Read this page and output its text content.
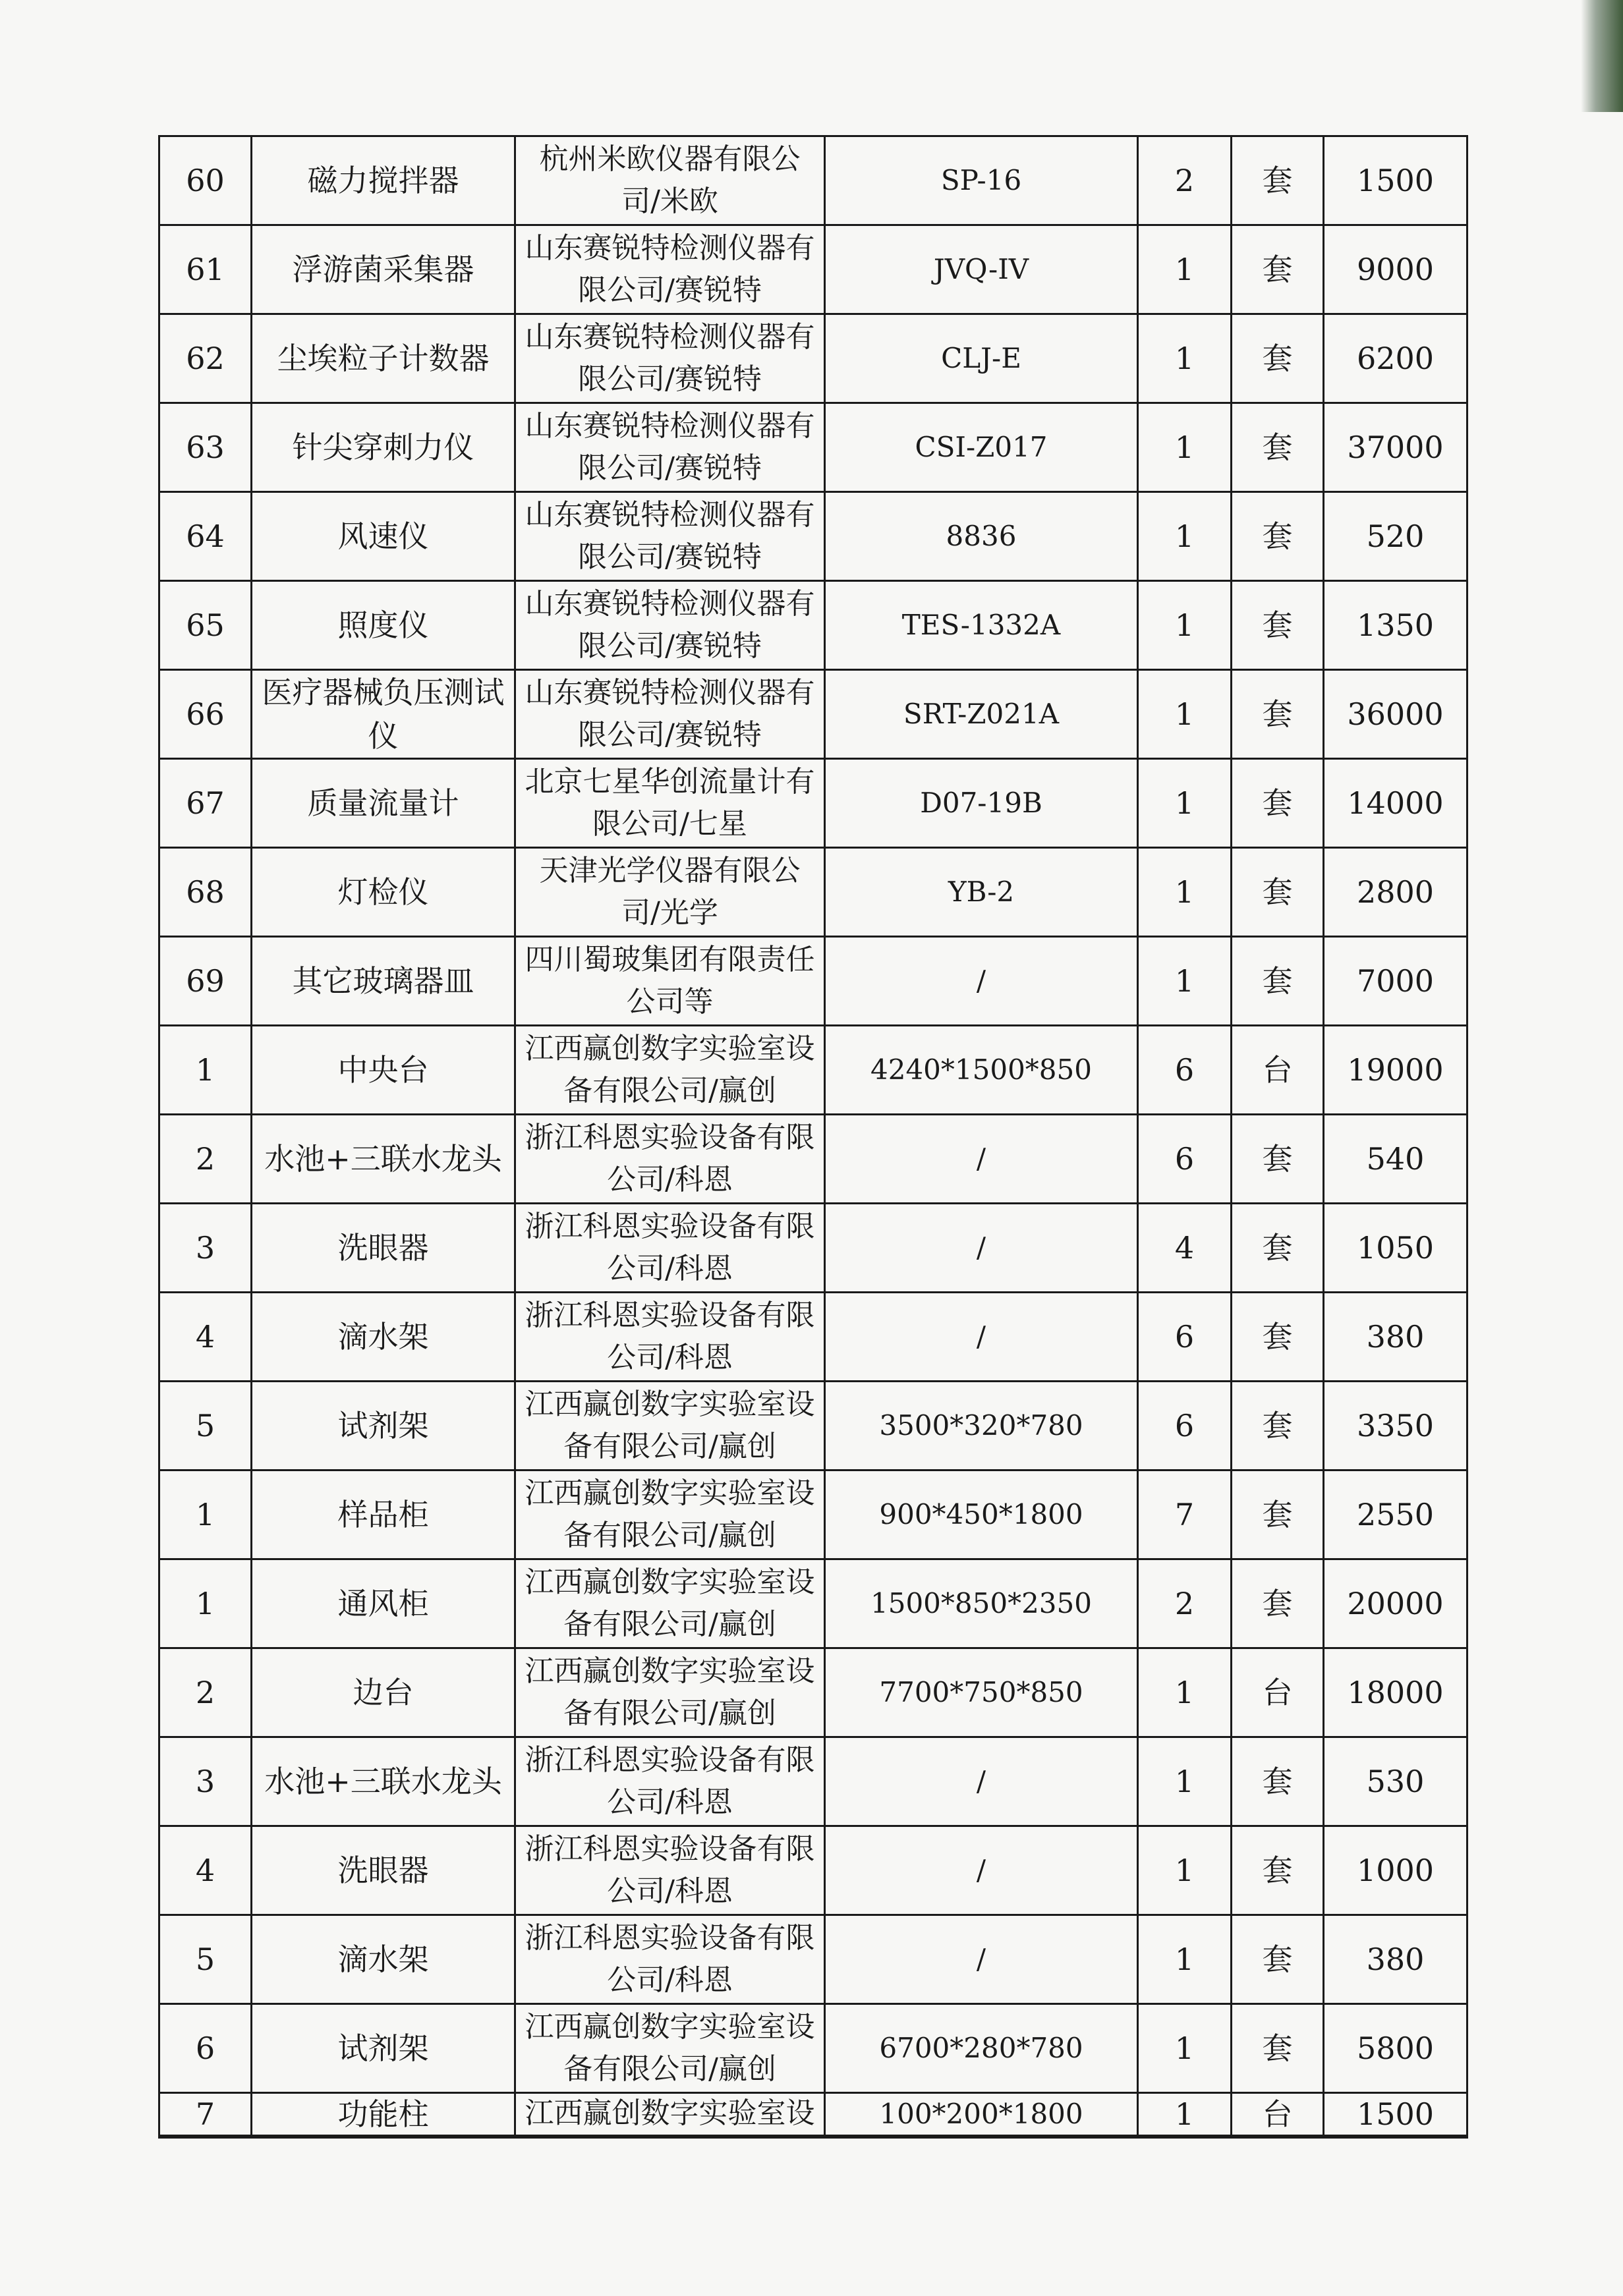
60	磁力搅拌器	杭州米欧仪器有限公司/米欧	SP-16	2	套	1500
61	浮游菌采集器	山东赛锐特检测仪器有限公司/赛锐特	JVQ-IV	1	套	9000
62	尘埃粒子计数器	山东赛锐特检测仪器有限公司/赛锐特	CLJ-E	1	套	6200
63	针尖穿刺力仪	山东赛锐特检测仪器有限公司/赛锐特	CSI-Z017	1	套	37000
64	风速仪	山东赛锐特检测仪器有限公司/赛锐特	8836	1	套	520
65	照度仪	山东赛锐特检测仪器有限公司/赛锐特	TES-1332A	1	套	1350
66	医疗器械负压测试仪	山东赛锐特检测仪器有限公司/赛锐特	SRT-Z021A	1	套	36000
67	质量流量计	北京七星华创流量计有限公司/七星	D07-19B	1	套	14000
68	灯检仪	天津光学仪器有限公司/光学	YB-2	1	套	2800
69	其它玻璃器皿	四川蜀玻集团有限责任公司等	/	1	套	7000
1	中央台	江西赢创数字实验室设备有限公司/赢创	4240*1500*850	6	台	19000
2	水池+三联水龙头	浙江科恩实验设备有限公司/科恩	/	6	套	540
3	洗眼器	浙江科恩实验设备有限公司/科恩	/	4	套	1050
4	滴水架	浙江科恩实验设备有限公司/科恩	/	6	套	380
5	试剂架	江西赢创数字实验室设备有限公司/赢创	3500*320*780	6	套	3350
1	样品柜	江西赢创数字实验室设备有限公司/赢创	900*450*1800	7	套	2550
1	通风柜	江西赢创数字实验室设备有限公司/赢创	1500*850*2350	2	套	20000
2	边台	江西赢创数字实验室设备有限公司/赢创	7700*750*850	1	台	18000
3	水池+三联水龙头	浙江科恩实验设备有限公司/科恩	/	1	套	530
4	洗眼器	浙江科恩实验设备有限公司/科恩	/	1	套	1000
5	滴水架	浙江科恩实验设备有限公司/科恩	/	1	套	380
6	试剂架	江西赢创数字实验室设备有限公司/赢创	6700*280*780	1	套	5800
7	功能柱	江西赢创数字实验室设	100*200*1800	1	台	1500
